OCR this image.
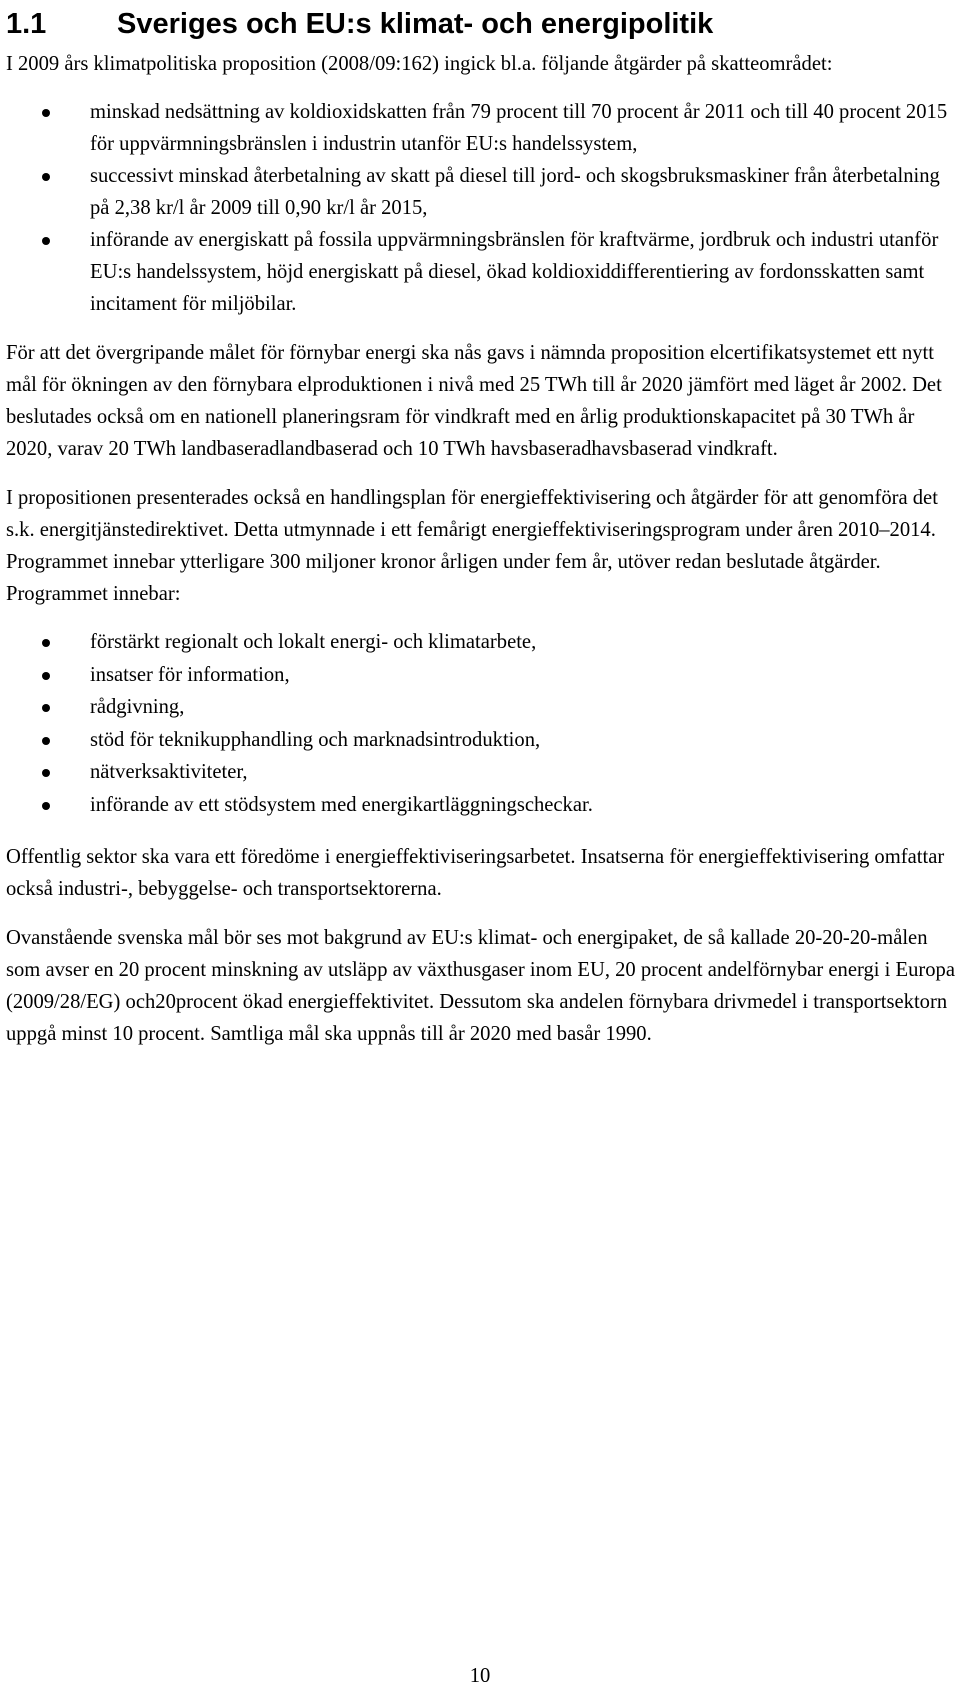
1.1 Sveriges och EU:s klimat- och energipolitik

I 2009 års klimatpolitiska proposition (2008/09:162) ingick bl.a. följande åtgärder på skatteområdet:

minskad nedsättning av koldioxidskatten från 79 procent till 70 procent år 2011 och till 40 procent 2015 för uppvärmningsbränslen i industrin utanför EU:s handelssystem,
successivt minskad återbetalning av skatt på diesel till jord- och skogsbruksmaskiner från återbetalning på 2,38 kr/l år 2009 till 0,90 kr/l år 2015,
införande av energiskatt på fossila uppvärmningsbränslen för kraftvärme, jordbruk och industri utanför EU:s handelssystem, höjd energiskatt på diesel, ökad koldioxiddifferentiering av fordonsskatten samt incitament för miljöbilar.

För att det övergripande målet för förnybar energi ska nås gavs i nämnda proposition elcertifikatsystemet ett nytt mål för ökningen av den förnybara elproduktionen i nivå med 25 TWh till år 2020 jämfört med läget år 2002. Det beslutades också om en nationell planeringsram för vindkraft med en årlig produktionskapacitet på 30 TWh år 2020, varav 20 TWh landbaseradlandbaserad och 10 TWh havsbaseradhavsbaserad vindkraft.

I propositionen presenterades också en handlingsplan för energieffektivisering och åtgärder för att genomföra det s.k. energitjänstedirektivet. Detta utmynnade i ett femårigt energieffektiviseringsprogram under åren 2010–2014. Programmet innebar ytterligare 300 miljoner kronor årligen under fem år, utöver redan beslutade åtgärder. Programmet innebar:

förstärkt regionalt och lokalt energi- och klimatarbete,
insatser för information,
rådgivning,
stöd för teknikupphandling och marknadsintroduktion,
nätverksaktiviteter,
införande av ett stödsystem med energikartläggningscheckar.

Offentlig sektor ska vara ett föredöme i energieffektiviseringsarbetet. Insatserna för energieffektivisering omfattar också industri-, bebyggelse- och transportsektorerna.

Ovanstående svenska mål bör ses mot bakgrund av EU:s klimat- och energipaket, de så kallade 20-20-20-målen som avser en 20 procent minskning av utsläpp av växthusgaser inom EU, 20 procent andelförnybar energi i Europa (2009/28/EG) och20procent ökad energieffektivitet. Dessutom ska andelen förnybara drivmedel i transportsektorn uppgå minst 10 procent. Samtliga mål ska uppnås till år 2020 med basår 1990.

10
